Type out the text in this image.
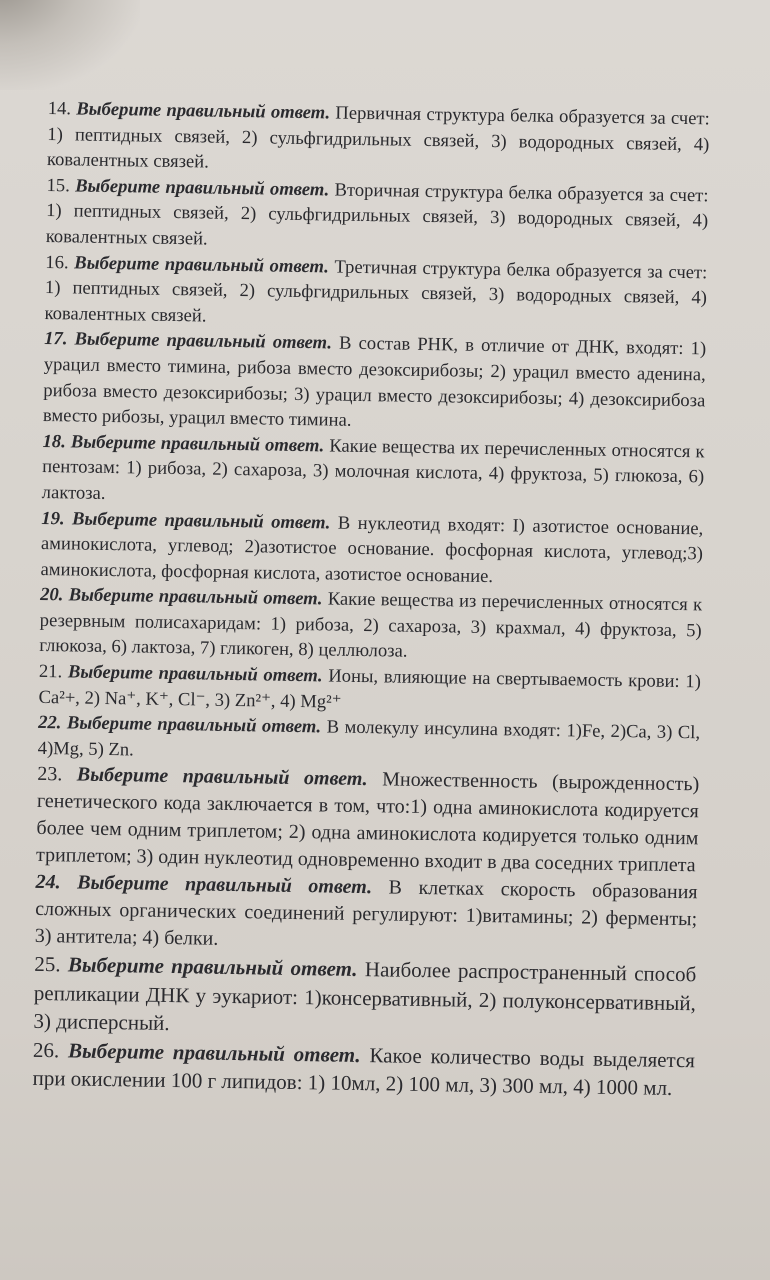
14. Выберите правильный ответ. Первичная структура белка образуется за счет: 1) пептидных связей, 2) сульфгидрильных связей, 3) водородных связей, 4) ковалентных связей.

15. Выберите правильный ответ. Вторичная структура белка образуется за счет: 1) пептидных связей, 2) сульфгидрильных связей, 3) водородных связей, 4) ковалентных связей.

16. Выберите правильный ответ. Третичная структура белка образуется за счет: 1) пептидных связей, 2) сульфгидрильных связей, 3) водородных связей, 4) ковалентных связей.

17. Выберите правильный ответ. В состав РНК, в отличие от ДНК, входят: 1) урацил вместо тимина, рибоза вместо дезоксирибозы; 2) урацил вместо аденина, рибоза вместо дезоксирибозы; 3) урацил вместо дезоксирибозы; 4) дезоксирибоза вместо рибозы, урацил вместо тимина.

18. Выберите правильный ответ. Какие вещества их перечисленных относятся к пентозам: 1) рибоза, 2) сахароза, 3) молочная кислота, 4) фруктоза, 5) глюкоза, 6) лактоза.

19. Выберите правильный ответ. В нуклеотид входят: I) азотистое основание, аминокислота, углевод; 2)азотистое основание. фосфорная кислота, углевод;3) аминокислота, фосфорная кислота, азотистое основание.

20. Выберите правильный ответ. Какие вещества из перечисленных относятся к резервным полисахаридам: 1) рибоза, 2) сахароза, 3) крахмал, 4) фруктоза, 5) глюкоза, 6) лактоза, 7) гликоген, 8) целлюлоза.

21. Выберите правильный ответ. Ионы, влияющие на свертываемость крови: 1) Ca²+, 2) Na⁺, K⁺, Cl⁻, 3) Zn²⁺, 4) Mg²⁺

22. Выберите правильный ответ. В молекулу инсулина входят: 1)Fe, 2)Ca, 3) Cl, 4)Mg, 5) Zn.

23. Выберите правильный ответ. Множественность (вырожденность) генетического кода заключается в том, что:1) одна аминокислота кодируется более чем одним триплетом; 2) одна аминокислота кодируется только одним триплетом; 3) один нуклеотид одновременно входит в два соседних триплета

24. Выберите правильный ответ. В клетках скорость образования сложных органических соединений регулируют: 1)витамины; 2) ферменты; 3) антитела; 4) белки.

25. Выберите правильный ответ. Наиболее распространенный способ репликации ДНК у эукариот: 1)консервативный, 2) полуконсервативный, 3) дисперсный.

26. Выберите правильный ответ. Какое количество воды выделяется при окислении 100 г липидов: 1) 10мл, 2) 100 мл, 3) 300 мл, 4) 1000 мл.
